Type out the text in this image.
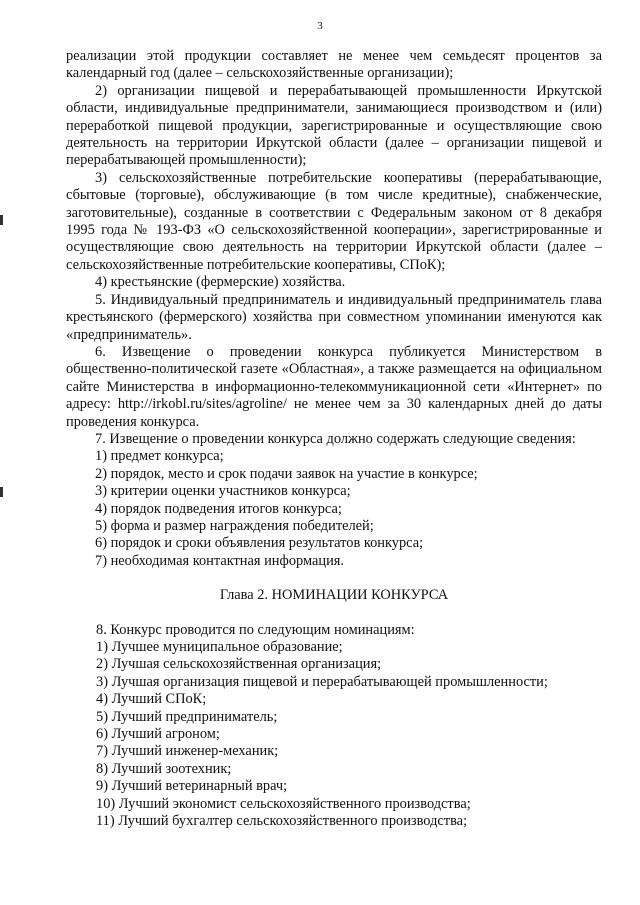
3

реализации этой продукции составляет не менее чем семьдесят процентов за календарный год (далее – сельскохозяйственные организации);

2) организации пищевой и перерабатывающей промышленности Иркутской области, индивидуальные предприниматели, занимающиеся производством и (или) переработкой пищевой продукции, зарегистрированные и осуществляющие свою деятельность на территории Иркутской области (далее – организации пищевой и перерабатывающей промышленности);

3) сельскохозяйственные потребительские кооперативы (перерабатывающие, сбытовые (торговые), обслуживающие (в том числе кредитные), снабженческие, заготовительные), созданные в соответствии с Федеральным законом от 8 декабря 1995 года № 193-ФЗ «О сельскохозяйственной кооперации», зарегистрированные и осуществляющие свою деятельность на территории Иркутской области (далее – сельскохозяйственные потребительские кооперативы, СПоК);

4) крестьянские (фермерские) хозяйства.

5. Индивидуальный предприниматель и индивидуальный предприниматель глава крестьянского (фермерского) хозяйства при совместном упоминании именуются как «предприниматель».

6. Извещение о проведении конкурса публикуется Министерством в общественно-политической газете «Областная», а также размещается на официальном сайте Министерства в информационно-телекоммуникационной сети «Интернет» по адресу: http://irkobl.ru/sites/agroline/ не менее чем за 30 календарных дней до даты проведения конкурса.

7. Извещение о проведении конкурса должно содержать следующие сведения:

1) предмет конкурса;

2) порядок, место и срок подачи заявок на участие в конкурсе;

3) критерии оценки участников конкурса;

4) порядок подведения итогов конкурса;

5) форма и размер награждения победителей;

6) порядок и сроки объявления результатов конкурса;

7) необходимая контактная информация.

Глава 2. НОМИНАЦИИ КОНКУРСА

8. Конкурс проводится по следующим номинациям:

1) Лучшее муниципальное образование;

2) Лучшая сельскохозяйственная организация;

3) Лучшая организация пищевой и перерабатывающей промышленности;

4) Лучший СПоК;

5) Лучший предприниматель;

6) Лучший агроном;

7) Лучший инженер-механик;

8) Лучший зоотехник;

9) Лучший ветеринарный врач;

10) Лучший экономист сельскохозяйственного производства;

11) Лучший бухгалтер сельскохозяйственного производства;
